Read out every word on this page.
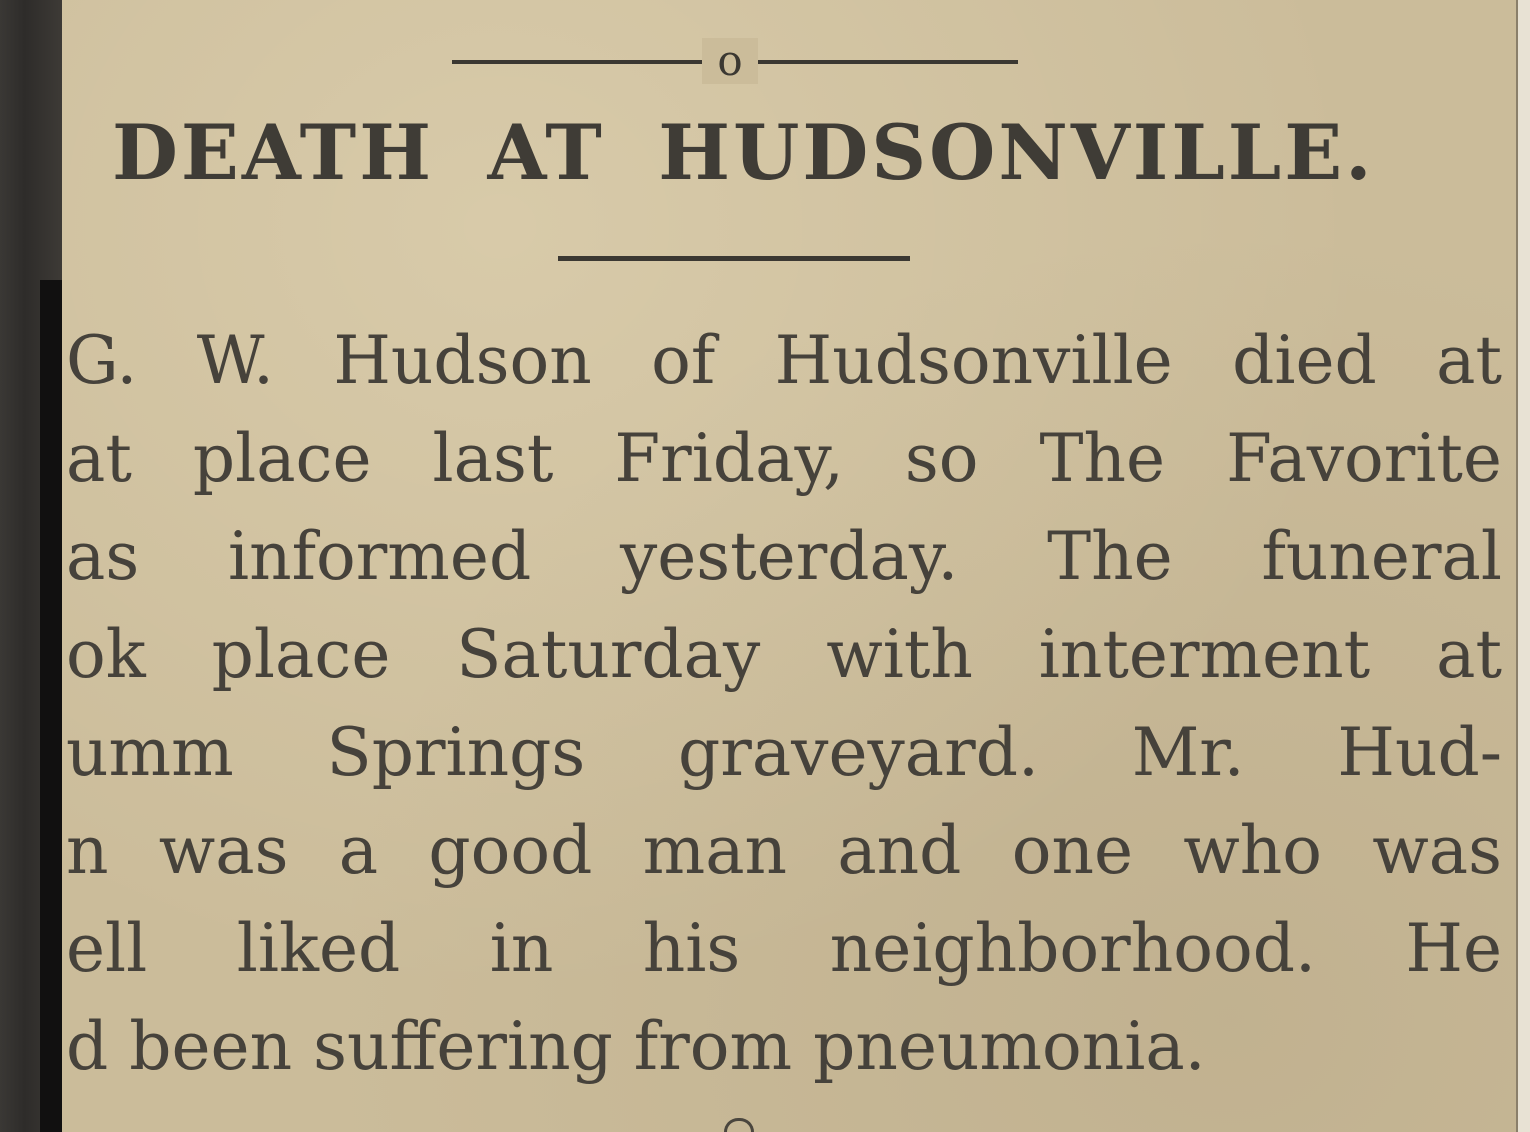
o
DEATH AT HUDSONVILLE.
G. W. Hudson of Hudsonville died at
at place last Friday, so The Favorite
as informed yesterday. The funeral
ok place Saturday with interment at
umm Springs graveyard. Mr. Hud-
n was a good man and one who was
ell liked in his neighborhood. He
d been suffering from pneumonia.
